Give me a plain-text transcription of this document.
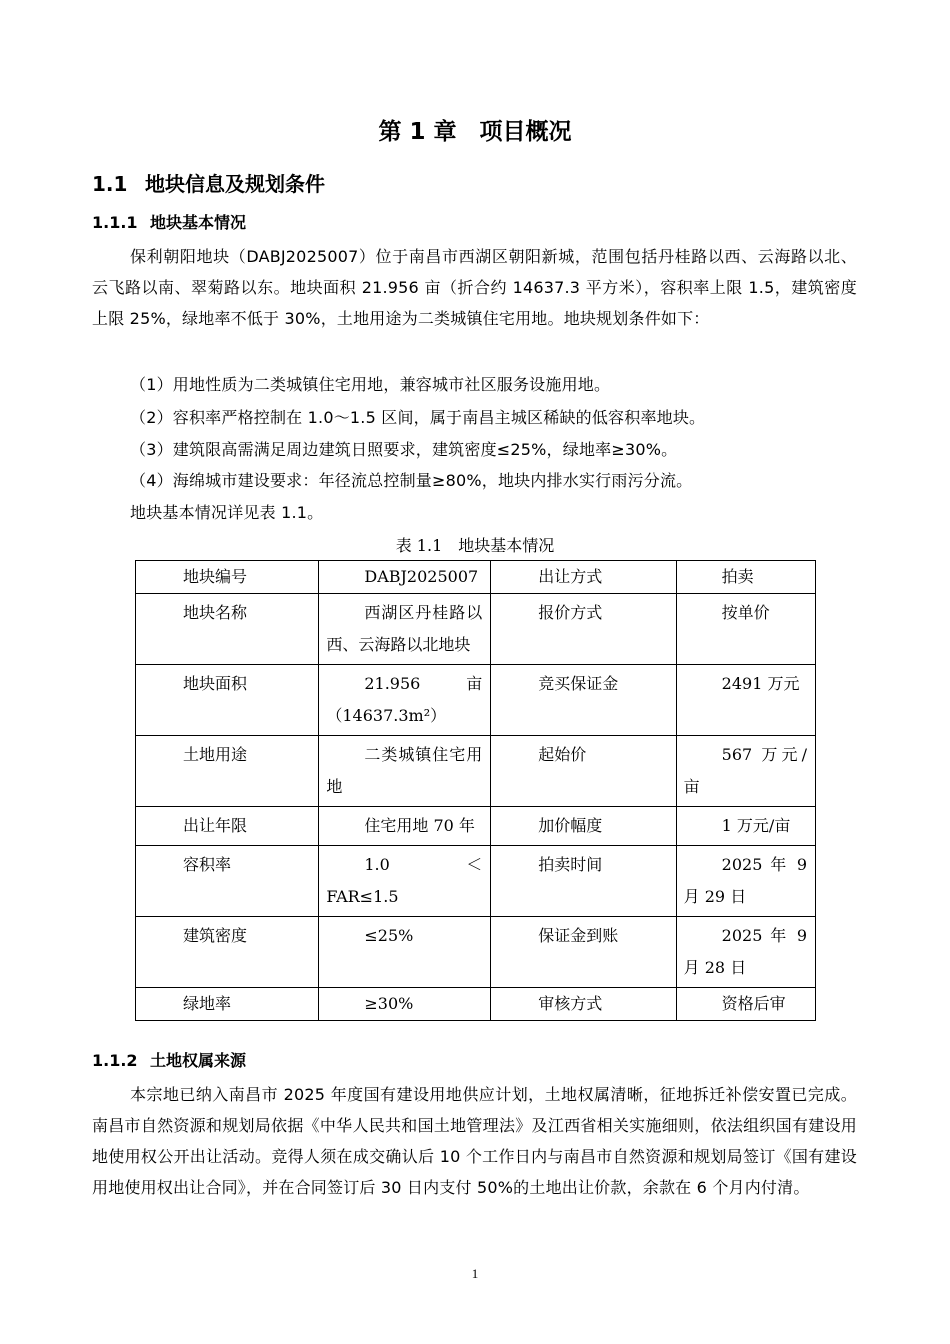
第 1 章　项目概况
1.1 地块信息及规划条件
1.1.1 地块基本情况
保利朝阳地块（DABJ2025007）位于南昌市西湖区朝阳新城，范围包括丹桂路以西、云海路以北、云飞路以南、翠菊路以东。地块面积 21.956 亩（折合约 14637.3 平方米），容积率上限 1.5，建筑密度上限 25%，绿地率不低于 30%，土地用途为二类城镇住宅用地。地块规划条件如下：
（1）用地性质为二类城镇住宅用地，兼容城市社区服务设施用地。
（2）容积率严格控制在 1.0～1.5 区间，属于南昌主城区稀缺的低容积率地块。
（3）建筑限高需满足周边建筑日照要求，建筑密度≤25%，绿地率≥30%。
（4）海绵城市建设要求：年径流总控制量≥80%，地块内排水实行雨污分流。
地块基本情况详见表 1.1。
表 1.1　地块基本情况
地块编号	DABJ2025007	出让方式	拍卖
地块名称	西湖区丹桂路以西、云海路以北地块	报价方式	按单价
地块面积	21.956　　亩（14637.3m²）	竞买保证金	2491 万元
土地用途	二类城镇住宅用地	起始价	567 万元/亩
出让年限	住宅用地 70 年	加价幅度	1 万元/亩
容积率	1.0　　　　＜FAR≤1.5	拍卖时间	2025 年 9 月 29 日
建筑密度	≤25%	保证金到账	2025 年 9 月 28 日
绿地率	≥30%	审核方式	资格后审
1.1.2 土地权属来源
本宗地已纳入南昌市 2025 年度国有建设用地供应计划，土地权属清晰，征地拆迁补偿安置已完成。南昌市自然资源和规划局依据《中华人民共和国土地管理法》及江西省相关实施细则，依法组织国有建设用地使用权公开出让活动。竞得人须在成交确认后 10 个工作日内与南昌市自然资源和规划局签订《国有建设用地使用权出让合同》，并在合同签订后 30 日内支付 50%的土地出让价款，余款在 6 个月内付清。
1
